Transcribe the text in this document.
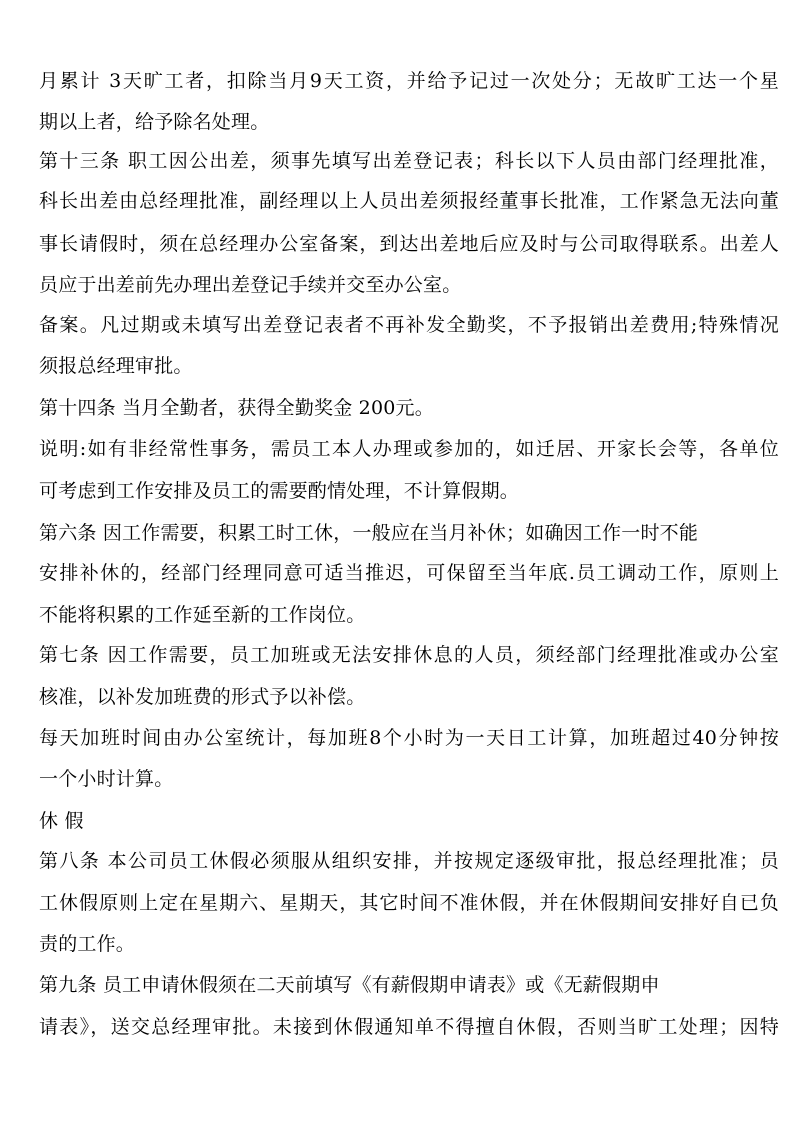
月累计 3天旷工者，扣除当月9天工资，并给予记过一次处分；无故旷工达一个星
期以上者，给予除名处理。
第十三条 职工因公出差，须事先填写出差登记表；科长以下人员由部门经理批准，
科长出差由总经理批准，副经理以上人员出差须报经董事长批准，工作紧急无法向董
事长请假时，须在总经理办公室备案，到达出差地后应及时与公司取得联系。出差人
员应于出差前先办理出差登记手续并交至办公室。
备案。凡过期或未填写出差登记表者不再补发全勤奖，不予报销出差费用;特殊情况
须报总经理审批。
第十四条 当月全勤者，获得全勤奖金 200元。
说明:如有非经常性事务，需员工本人办理或参加的，如迁居、开家长会等，各单位
可考虑到工作安排及员工的需要酌情处理，不计算假期。
第六条 因工作需要，积累工时工休，一般应在当月补休；如确因工作一时不能
安排补休的，经部门经理同意可适当推迟，可保留至当年底.员工调动工作，原则上
不能将积累的工作延至新的工作岗位。
第七条 因工作需要，员工加班或无法安排休息的人员，须经部门经理批准或办公室
核准，以补发加班费的形式予以补偿。
每天加班时间由办公室统计，每加班8个小时为一天日工计算，加班超过40分钟按
一个小时计算。
休 假
第八条 本公司员工休假必须服从组织安排，并按规定逐级审批，报总经理批准；员
工休假原则上定在星期六、星期天，其它时间不准休假，并在休假期间安排好自已负
责的工作。
第九条 员工申请休假须在二天前填写《有薪假期申请表》或《无薪假期申
请表》，送交总经理审批。未接到休假通知单不得擅自休假，否则当旷工处理；因特
